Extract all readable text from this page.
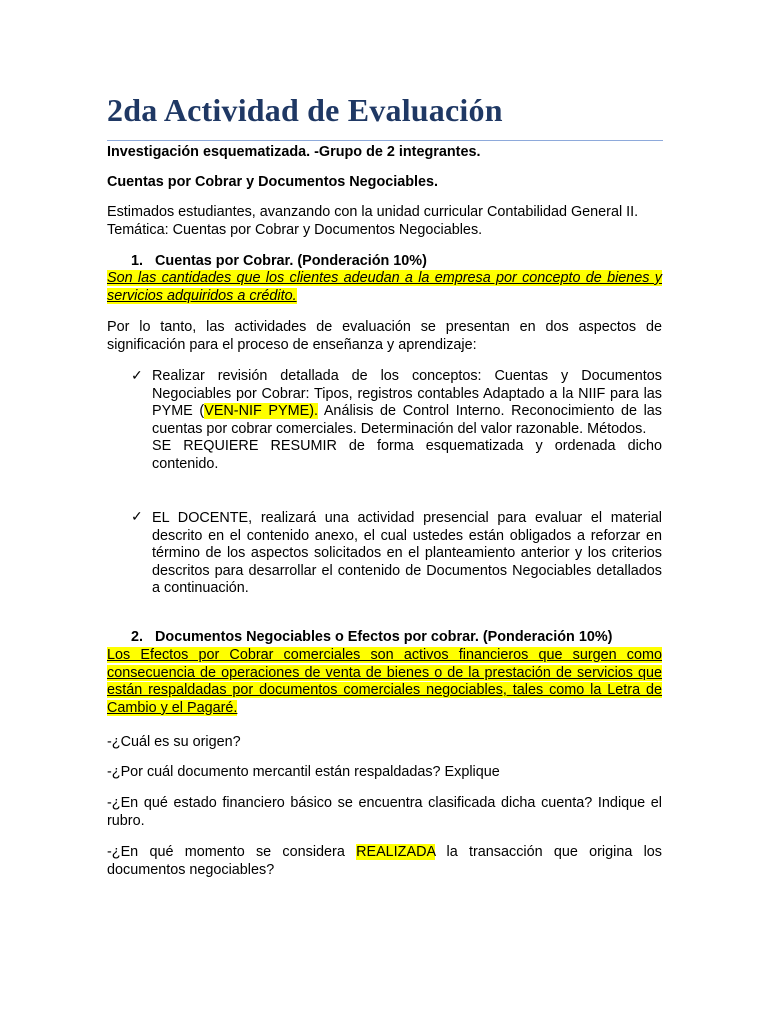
2da Actividad de Evaluación

Investigación esquematizada. -Grupo de 2 integrantes.

Cuentas por Cobrar y Documentos Negociables.

Estimados estudiantes, avanzando con la unidad curricular Contabilidad General II. Temática: Cuentas por Cobrar y Documentos Negociables.

1. Cuentas por Cobrar. (Ponderación 10%)

Son las cantidades que los clientes adeudan a la empresa por concepto de bienes y servicios adquiridos a crédito.

Por lo tanto, las actividades de evaluación se presentan en dos aspectos de significación para el proceso de enseñanza y aprendizaje:

✓ Realizar revisión detallada de los conceptos: Cuentas y Documentos Negociables por Cobrar: Tipos, registros contables Adaptado a la NIIF para las PYME (VEN-NIF PYME). Análisis de Control Interno. Reconocimiento de las cuentas por cobrar comerciales. Determinación del valor razonable. Métodos.
SE REQUIERE RESUMIR de forma esquematizada y ordenada dicho contenido.

✓ EL DOCENTE, realizará una actividad presencial para evaluar el material descrito en el contenido anexo, el cual ustedes están obligados a reforzar en término de los aspectos solicitados en el planteamiento anterior y los criterios descritos para desarrollar el contenido de Documentos Negociables detallados a continuación.

2. Documentos Negociables o Efectos por cobrar. (Ponderación 10%)

Los Efectos por Cobrar comerciales son activos financieros que surgen como consecuencia de operaciones de venta de bienes o de la prestación de servicios que están respaldadas por documentos comerciales negociables, tales como la Letra de Cambio y el Pagaré.

-¿Cuál es su origen?

-¿Por cuál documento mercantil están respaldadas? Explique

-¿En qué estado financiero básico se encuentra clasificada dicha cuenta? Indique el rubro.

-¿En qué momento se considera REALIZADA la transacción que origina los documentos negociables?
